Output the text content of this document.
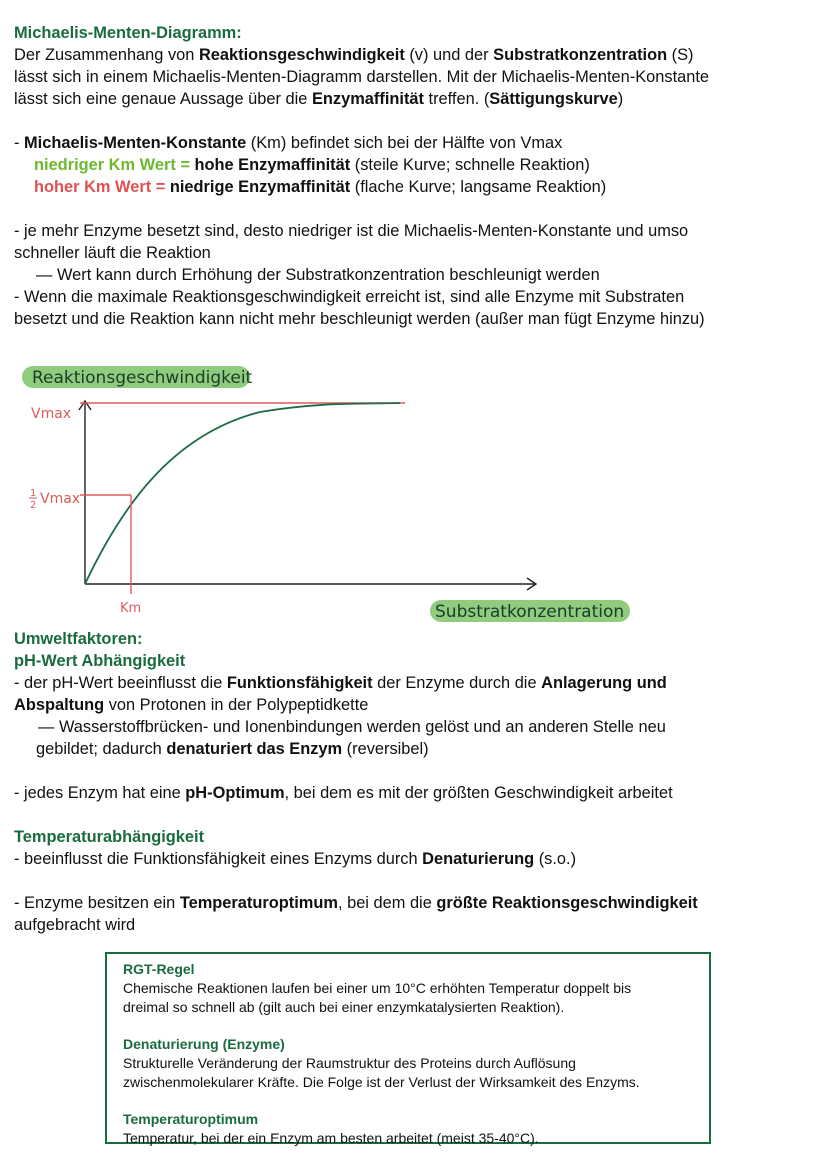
Michaelis-Menten-Diagramm:
Der Zusammenhang von Reaktionsgeschwindigkeit (v) und der Substratkonzentration (S)
lässt sich in einem Michaelis-Menten-Diagramm darstellen. Mit der Michaelis-Menten-Konstante
lässt sich eine genaue Aussage über die Enzymaffinität treffen. (Sättigungskurve)
- Michaelis-Menten-Konstante (Km) befindet sich bei der Hälfte von Vmax
niedriger Km Wert = hohe Enzymaffinität (steile Kurve; schnelle Reaktion)
hoher Km Wert = niedrige Enzymaffinität (flache Kurve; langsame Reaktion)
- je mehr Enzyme besetzt sind, desto niedriger ist die Michaelis-Menten-Konstante und umso
schneller läuft die Reaktion
— Wert kann durch Erhöhung der Substratkonzentration beschleunigt werden
- Wenn die maximale Reaktionsgeschwindigkeit erreicht ist, sind alle Enzyme mit Substraten
besetzt und die Reaktion kann nicht mehr beschleunigt werden (außer man fügt Enzyme hinzu)
Reaktionsgeschwindigkeit
Substratkonzentration
Vmax
1
2 Vmax
Km
Umweltfaktoren:
pH-Wert Abhängigkeit
- der pH-Wert beeinflusst die Funktionsfähigkeit der Enzyme durch die Anlagerung und
Abspaltung von Protonen in der Polypeptidkette
— Wasserstoffbrücken- und Ionenbindungen werden gelöst und an anderen Stelle neu
gebildet; dadurch denaturiert das Enzym (reversibel)
- jedes Enzym hat eine pH-Optimum, bei dem es mit der größten Geschwindigkeit arbeitet
Temperaturabhängigkeit
- beeinflusst die Funktionsfähigkeit eines Enzyms durch Denaturierung (s.o.)
- Enzyme besitzen ein Temperaturoptimum, bei dem die größte Reaktionsgeschwindigkeit
aufgebracht wird
RGT-Regel
Chemische Reaktionen laufen bei einer um 10°C erhöhten Temperatur doppelt bis
dreimal so schnell ab (gilt auch bei einer enzymkatalysierten Reaktion).
Denaturierung (Enzyme)
Strukturelle Veränderung der Raumstruktur des Proteins durch Auflösung
zwischenmolekularer Kräfte. Die Folge ist der Verlust der Wirksamkeit des Enzyms.
Temperaturoptimum
Temperatur, bei der ein Enzym am besten arbeitet (meist 35-40°C).
